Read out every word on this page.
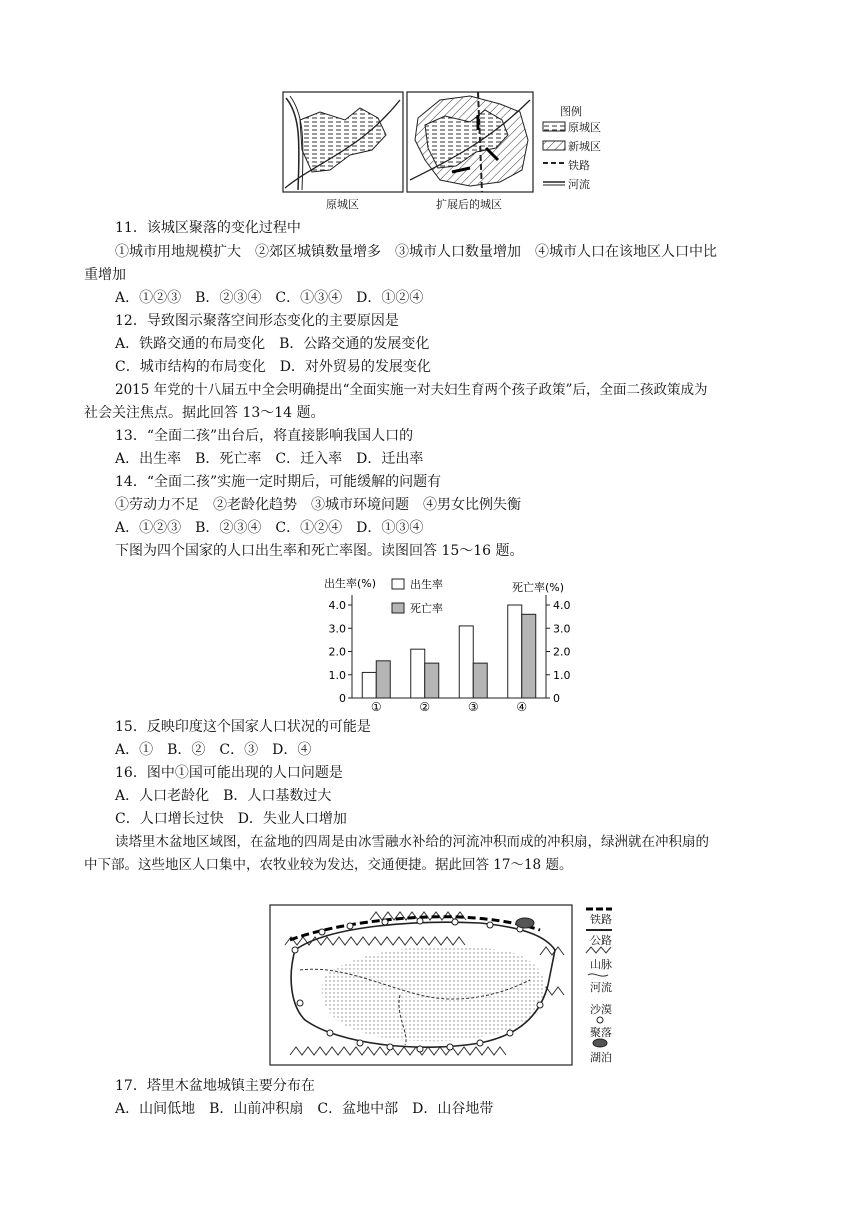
原城区	扩展后的城区
图例
原城区
新城区
铁路
河流
11．该城区聚落的变化过程中
①城市用地规模扩大　②郊区城镇数量增多　③城市人口数量增加　④城市人口在该地区人口中比
重增加
A．①②③　B．②③④　C．①③④　D．①②④
12．导致图示聚落空间形态变化的主要原因是
A．铁路交通的布局变化　B．公路交通的发展变化
C．城市结构的布局变化　D．对外贸易的发展变化
2015 年党的十八届五中全会明确提出“全面实施一对夫妇生育两个孩子政策”后，全面二孩政策成为
社会关注焦点。据此回答 13～14 题。
13．“全面二孩”出台后，将直接影响我国人口的
A．出生率　B．死亡率　C．迁入率　D．迁出率
14．“全面二孩”实施一定时期后，可能缓解的问题有
①劳动力不足　②老龄化趋势　③城市环境问题　④男女比例失衡
A．①②③　B．②③④　C．①②④　D．①③④
下图为四个国家的人口出生率和死亡率图。读图回答 15～16 题。
0	0
1.0	1.0
2.0	2.0
3.0	3.0
4.0	4.0
出生率(%)	死亡率(%)
出生率
死亡率
①	②	③	④
15．反映印度这个国家人口状况的可能是
A．①　B．②　C．③　D．④
16．图中①国可能出现的人口问题是
A．人口老龄化　B．人口基数过大
C．人口增长过快　D．失业人口增加
读塔里木盆地区域图，在盆地的四周是由冰雪融水补给的河流冲积而成的冲积扇，绿洲就在冲积扇的
中下部。这些地区人口集中，农牧业较为发达，交通便捷。据此回答 17～18 题。
铁路
公路
山脉
河流
沙漠
聚落
湖泊
17．塔里木盆地城镇主要分布在
A．山间低地　B．山前冲积扇　C．盆地中部　D．山谷地带
